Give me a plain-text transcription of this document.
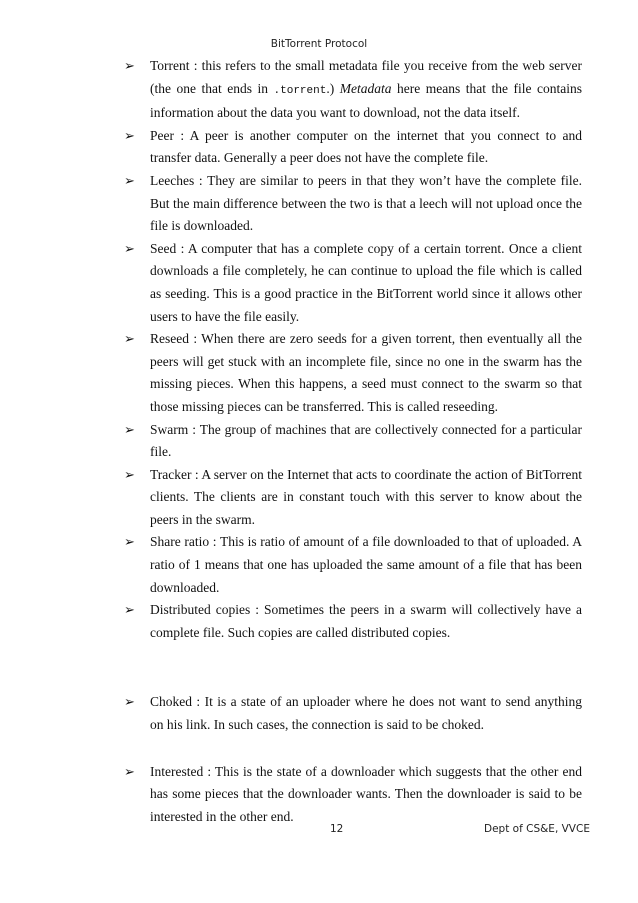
BitTorrent Protocol
➢ Torrent : this refers to the small metadata file you receive from the web server (the one that ends in .torrent.) Metadata here means that the file contains information about the data you want to download, not the data itself.
➢ Peer : A peer is another computer on the internet that you connect to and transfer data. Generally a peer does not have the complete file.
➢ Leeches : They are similar to peers in that they won’t have the complete file. But the main difference between the two is that a leech will not upload once the file is downloaded.
➢ Seed : A computer that has a complete copy of a certain torrent. Once a client downloads a file completely, he can continue to upload the file which is called as seeding. This is a good practice in the BitTorrent world since it allows other users to have the file easily.
➢ Reseed : When there are zero seeds for a given torrent, then eventually all the peers will get stuck with an incomplete file, since no one in the swarm has the missing pieces. When this happens, a seed must connect to the swarm so that those missing pieces can be transferred. This is called reseeding.
➢ Swarm : The group of machines that are collectively connected for a particular file.
➢ Tracker : A server on the Internet that acts to coordinate the action of BitTorrent clients. The clients are in constant touch with this server to know about the peers in the swarm.
➢ Share ratio : This is ratio of amount of a file downloaded to that of uploaded. A ratio of 1 means that one has uploaded the same amount of a file that has been downloaded.
➢ Distributed copies : Sometimes the peers in a swarm will collectively have a complete file. Such copies are called distributed copies.
➢ Choked : It is a state of an uploader where he does not want to send anything on his link. In such cases, the connection is said to be choked.
➢ Interested : This is the state of a downloader which suggests that the other end has some pieces that the downloader wants. Then the downloader is said to be interested in the other end.
12	Dept of CS&E, VVCE
